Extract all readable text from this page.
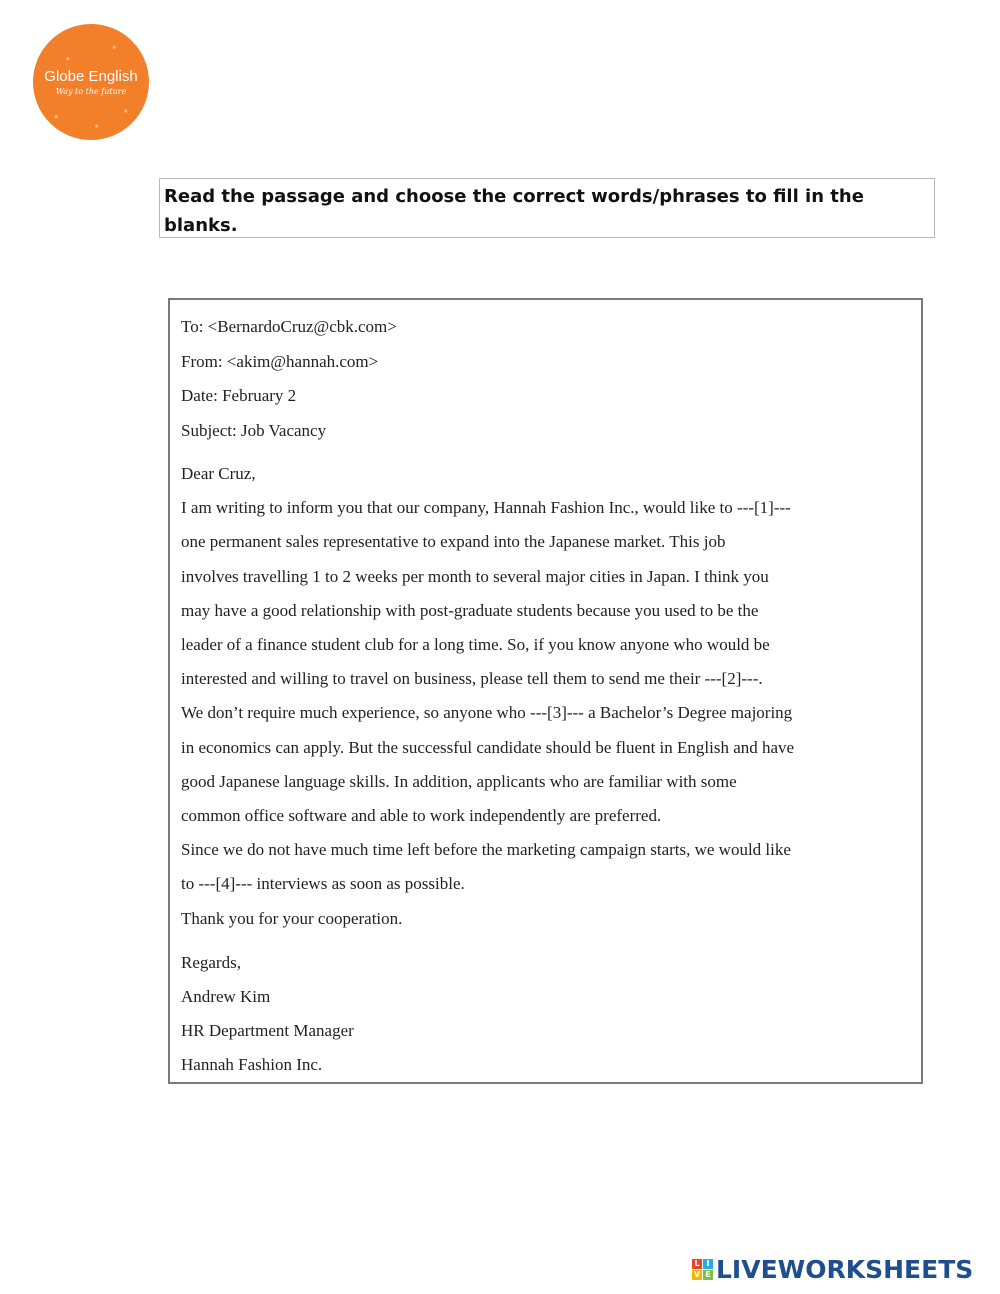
Globe English
Way to the future
Read the passage and choose the correct words/phrases to fill in the blanks.
To: <BernardoCruz@cbk.com>
From: <akim@hannah.com>
Date: February 2
Subject: Job Vacancy
Dear Cruz,
I am writing to inform you that our company, Hannah Fashion Inc., would like to ---[1]---
one permanent sales representative to expand into the Japanese market. This job
involves travelling 1 to 2 weeks per month to several major cities in Japan. I think you
may have a good relationship with post-graduate students because you used to be the
leader of a finance student club for a long time. So, if you know anyone who would be
interested and willing to travel on business, please tell them to send me their ---[2]---.
We don’t require much experience, so anyone who ---[3]--- a Bachelor’s Degree majoring
in economics can apply. But the successful candidate should be fluent in English and have
good Japanese language skills. In addition, applicants who are familiar with some
common office software and able to work independently are preferred.
Since we do not have much time left before the marketing campaign starts, we would like
to ---[4]--- interviews as soon as possible.
Thank you for your cooperation.
Regards,
Andrew Kim
HR Department Manager
Hannah Fashion Inc.
L I
V E LIVEWORKSHEETS
